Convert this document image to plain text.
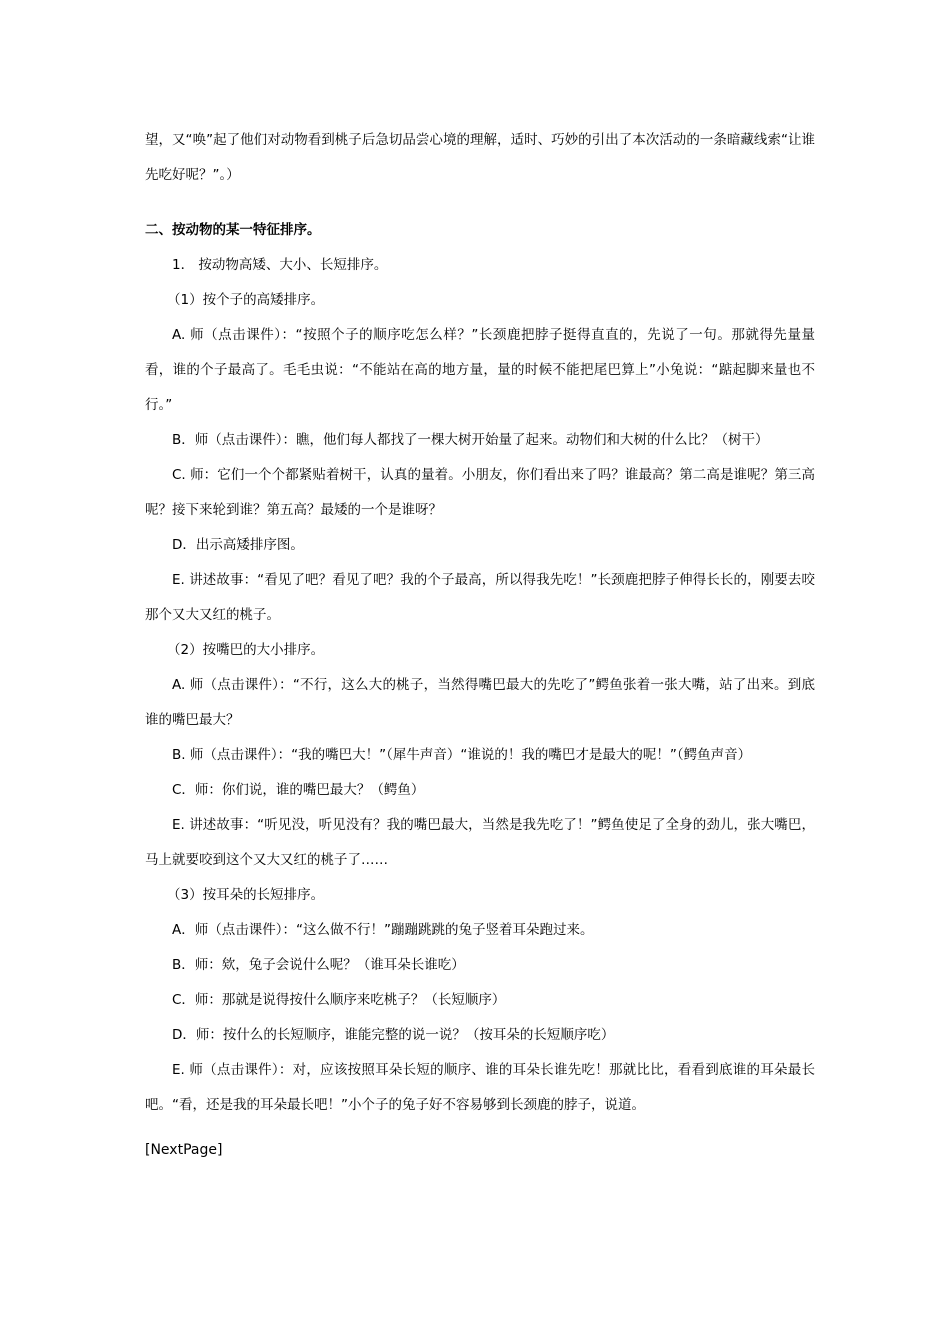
望，又“唤”起了他们对动物看到桃子后急切品尝心境的理解，适时、巧妙的引出了本次活动的一条暗藏线索“让谁先吃好呢？”。）

二、按动物的某一特征排序。

1． 按动物高矮、大小、长短排序。

（1）按个子的高矮排序。

A. 师（点击课件）：“按照个子的顺序吃怎么样？”长颈鹿把脖子挺得直直的，先说了一句。那就得先量量看，谁的个子最高了。毛毛虫说：“不能站在高的地方量，量的时候不能把尾巴算上”小兔说：“踮起脚来量也不行。”

B．师（点击课件）：瞧，他们每人都找了一棵大树开始量了起来。动物们和大树的什么比？（树干）

C. 师：它们一个个都紧贴着树干，认真的量着。小朋友，你们看出来了吗？谁最高？第二高是谁呢？第三高呢？接下来轮到谁？第五高？最矮的一个是谁呀？

D．出示高矮排序图。

E. 讲述故事：“看见了吧？看见了吧？我的个子最高，所以得我先吃！”长颈鹿把脖子伸得长长的，刚要去咬那个又大又红的桃子。

（2）按嘴巴的大小排序。

A. 师（点击课件）：“不行，这么大的桃子，当然得嘴巴最大的先吃了”鳄鱼张着一张大嘴，站了出来。到底谁的嘴巴最大？

B. 师（点击课件）：“我的嘴巴大！”（犀牛声音）“谁说的！我的嘴巴才是最大的呢！”（鳄鱼声音）

C．师：你们说，谁的嘴巴最大？（鳄鱼）

E. 讲述故事：“听见没，听见没有？我的嘴巴最大，当然是我先吃了！”鳄鱼使足了全身的劲儿，张大嘴巴，马上就要咬到这个又大又红的桃子了……

（3）按耳朵的长短排序。

A．师（点击课件）：“这么做不行！”蹦蹦跳跳的兔子竖着耳朵跑过来。

B．师：欸，兔子会说什么呢？（谁耳朵长谁吃）

C．师：那就是说得按什么顺序来吃桃子？（长短顺序）

D．师：按什么的长短顺序，谁能完整的说一说？（按耳朵的长短顺序吃）

E. 师（点击课件）：对，应该按照耳朵长短的顺序、谁的耳朵长谁先吃！那就比比，看看到底谁的耳朵最长吧。“看，还是我的耳朵最长吧！”小个子的兔子好不容易够到长颈鹿的脖子，说道。

[NextPage]
